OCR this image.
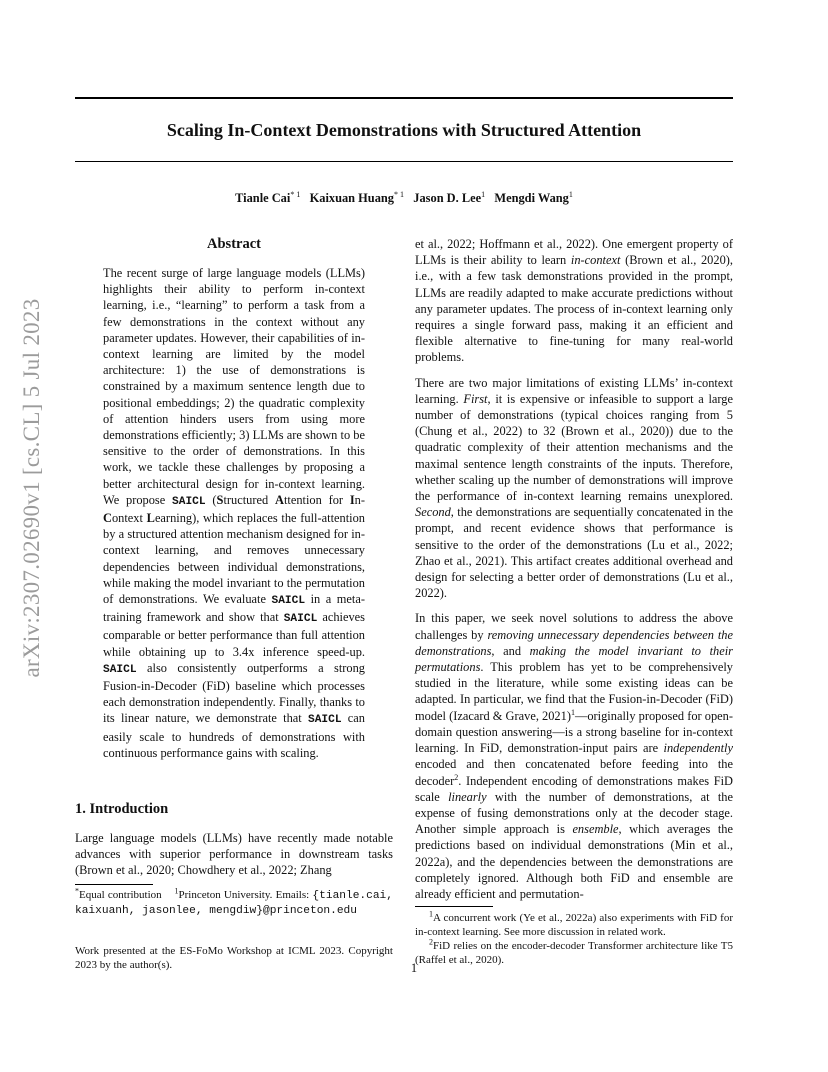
Scaling In-Context Demonstrations with Structured Attention
Tianle Cai$^{* 1}$ Kaixuan Huang$^{* 1}$ Jason D. Lee$^1$ Mengdi Wang$^1$
arXiv:2307.02690v1 [cs.CL] 5 Jul 2023
Abstract

The recent surge of large language models (LLMs) highlights their ability to perform in-context learning, i.e., “learning” to perform a task from a few demonstrations in the context without any parameter updates. However, their capabilities of in-context learning are limited by the model architecture: 1) the use of demonstrations is constrained by a maximum sentence length due to positional embeddings; 2) the quadratic complexity of attention hinders users from using more demonstrations efficiently; 3) LLMs are shown to be sensitive to the order of demonstrations. In this work, we tackle these challenges by proposing a better architectural design for in-context learning. We propose SAICL (Structured Attention for In-Context Learning), which replaces the full-attention by a structured attention mechanism designed for in-context learning, and removes unnecessary dependencies between individual demonstrations, while making the model invariant to the permutation of demonstrations. We evaluate SAICL in a meta-training framework and show that SAICL achieves comparable or better performance than full attention while obtaining up to 3.4x inference speed-up. SAICL also consistently outperforms a strong Fusion-in-Decoder (FiD) baseline which processes each demonstration independently. Finally, thanks to its linear nature, we demonstrate that SAICL can easily scale to hundreds of demonstrations with continuous performance gains with scaling.

1. Introduction

Large language models (LLMs) have recently made notable advances with superior performance in downstream tasks (Brown et al., 2020; Chowdhery et al., 2022; Zhang

*Equal contribution    $^1$Princeton University. Emails: {tianle.cai, kaixuanh, jasonlee, mengdiw}@princeton.edu

Work presented at the ES-FoMo Workshop at ICML 2023. Copyright 2023 by the author(s).

et al., 2022; Hoffmann et al., 2022). One emergent property of LLMs is their ability to learn in-context (Brown et al., 2020), i.e., with a few task demonstrations provided in the prompt, LLMs are readily adapted to make accurate predictions without any parameter updates. The process of in-context learning only requires a single forward pass, making it an efficient and flexible alternative to fine-tuning for many real-world problems.

There are two major limitations of existing LLMs’ in-context learning. First, it is expensive or infeasible to support a large number of demonstrations (typical choices ranging from 5 (Chung et al., 2022) to 32 (Brown et al., 2020)) due to the quadratic complexity of their attention mechanisms and the maximal sentence length constraints of the inputs. Therefore, whether scaling up the number of demonstrations will improve the performance of in-context learning remains unexplored. Second, the demonstrations are sequentially concatenated in the prompt, and recent evidence shows that performance is sensitive to the order of the demonstrations (Lu et al., 2022; Zhao et al., 2021). This artifact creates additional overhead and design for selecting a better order of demonstrations (Lu et al., 2022).

In this paper, we seek novel solutions to address the above challenges by removing unnecessary dependencies between the demonstrations, and making the model invariant to their permutations. This problem has yet to be comprehensively studied in the literature, while some existing ideas can be adapted. In particular, we find that the Fusion-in-Decoder (FiD) model (Izacard & Grave, 2021)$^1$—originally proposed for open-domain question answering—is a strong baseline for in-context learning. In FiD, demonstration-input pairs are independently encoded and then concatenated before feeding into the decoder$^2$. Independent encoding of demonstrations makes FiD scale linearly with the number of demonstrations, at the expense of fusing demonstrations only at the decoder stage. Another simple approach is ensemble, which averages the predictions based on individual demonstrations (Min et al., 2022a), and the dependencies between the demonstrations are completely ignored. Although both FiD and ensemble are already efficient and permutation-

$^1$A concurrent work (Ye et al., 2022a) also experiments with FiD for in-context learning. See more discussion in related work.

$^2$FiD relies on the encoder-decoder Transformer architecture like T5 (Raffel et al., 2020).

1
